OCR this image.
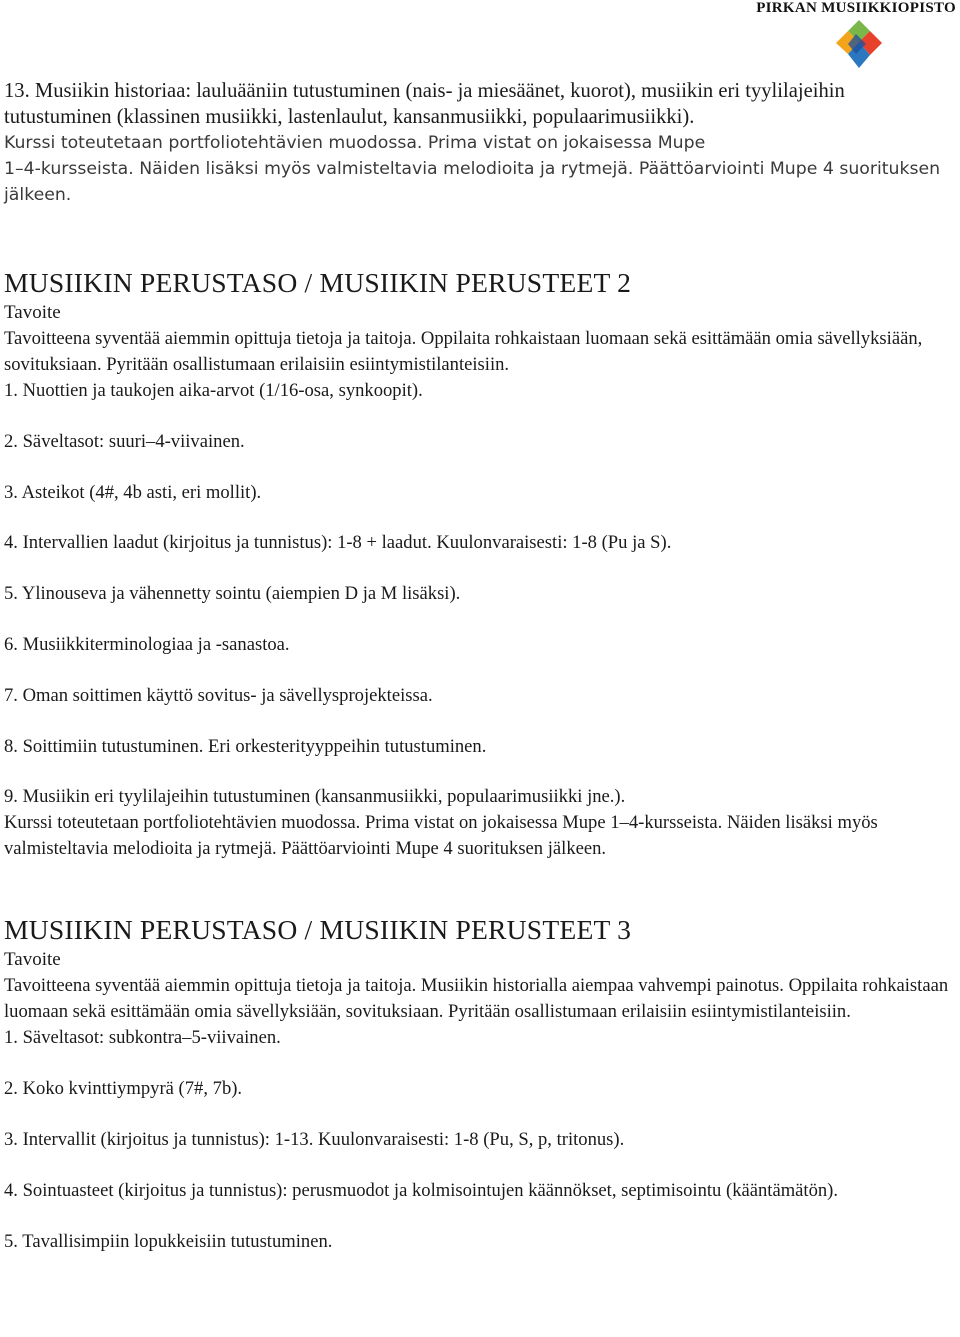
PIRKAN MUSIIKKIOPISTO

13. Musiikin historiaa: lauluääniin tutustuminen (nais- ja miesäänet, kuorot), musiikin eri tyylilajeihin tutustuminen (klassinen musiikki, lastenlaulut, kansanmusiikki, populaarimusiikki).

Kurssi toteutetaan portfoliotehtävien muodossa. Prima vistat on jokaisessa Mupe

1–4-kursseista. Näiden lisäksi myös valmisteltavia melodioita ja rytmejä. Päättöarviointi Mupe 4 suorituksen jälkeen.

MUSIIKIN PERUSTASO / MUSIIKIN PERUSTEET 2

Tavoite

Tavoitteena syventää aiemmin opittuja tietoja ja taitoja. Oppilaita rohkaistaan luomaan sekä esittämään omia sävellyksiään, sovituksiaan. Pyritään osallistumaan erilaisiin esiintymistilanteisiin.

1. Nuottien ja taukojen aika-arvot (1/16-osa, synkoopit).
2. Säveltasot: suuri–4-viivainen.
3. Asteikot (4#, 4b asti, eri mollit).
4. Intervallien laadut (kirjoitus ja tunnistus): 1-8 + laadut. Kuulonvaraisesti: 1-8 (Pu ja S).
5. Ylinouseva ja vähennetty sointu (aiempien D ja M lisäksi).
6. Musiikkiterminologiaa ja -sanastoa.
7. Oman soittimen käyttö sovitus- ja sävellysprojekteissa.
8. Soittimiin tutustuminen. Eri orkesterityyppeihin tutustuminen.
9. Musiikin eri tyylilajeihin tutustuminen (kansanmusiikki, populaarimusiikki jne.).
Kurssi toteutetaan portfoliotehtävien muodossa. Prima vistat on jokaisessa Mupe 1–4-kursseista. Näiden lisäksi myös valmisteltavia melodioita ja rytmejä. Päättöarviointi Mupe 4 suorituksen jälkeen.
MUSIIKIN PERUSTASO / MUSIIKIN PERUSTEET 3

Tavoite

Tavoitteena syventää aiemmin opittuja tietoja ja taitoja. Musiikin historialla aiempaa vahvempi painotus. Oppilaita rohkaistaan luomaan sekä esittämään omia sävellyksiään, sovituksiaan. Pyritään osallistumaan erilaisiin esiintymistilanteisiin.

1. Säveltasot: subkontra–5-viivainen.
2. Koko kvinttiympyrä (7#, 7b).
3. Intervallit (kirjoitus ja tunnistus): 1-13. Kuulonvaraisesti: 1-8 (Pu, S, p, tritonus).
4. Sointuasteet (kirjoitus ja tunnistus): perusmuodot ja kolmisointujen käännökset, septimisointu (kääntämätön).
5. Tavallisimpiin lopukkeisiin tutustuminen.
